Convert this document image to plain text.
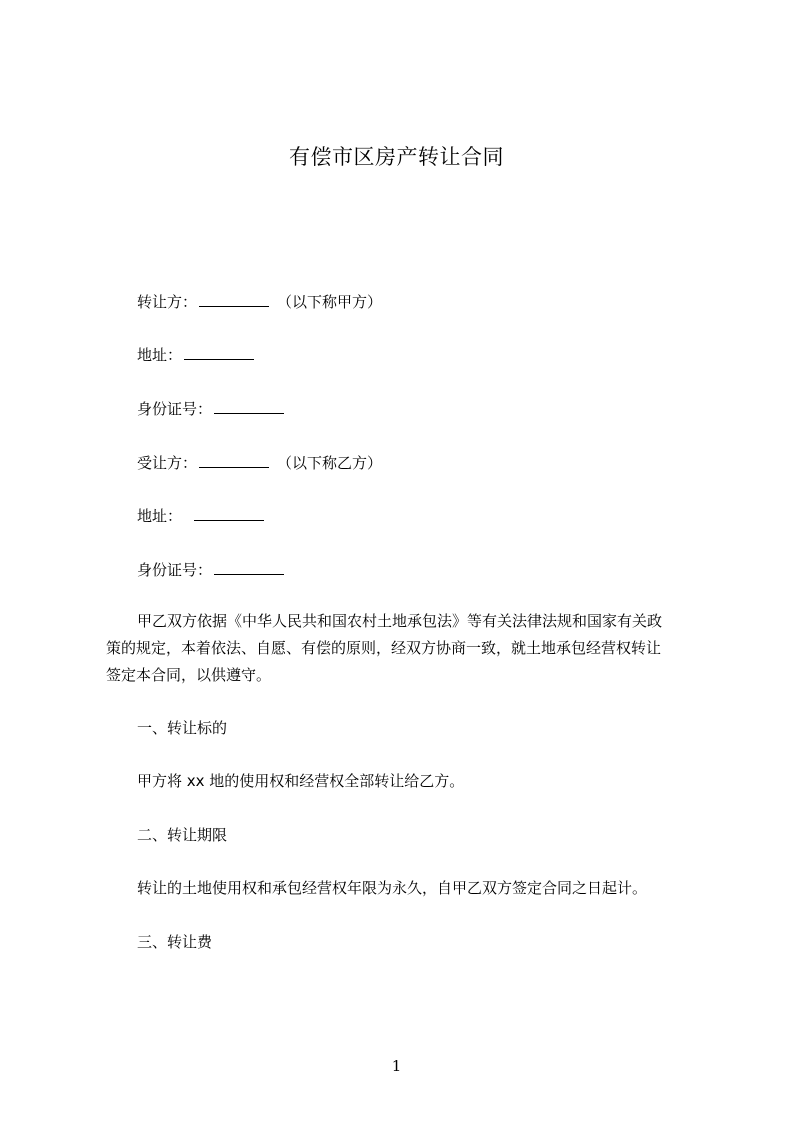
有偿市区房产转让合同
转让方：	（以下称甲方）
地址：
身份证号：
受让方：	（以下称乙方）
地址：
身份证号：
甲乙双方依据《中华人民共和国农村土地承包法》等有关法律法规和国家有关政
策的规定，本着依法、自愿、有偿的原则，经双方协商一致，就土地承包经营权转让
签定本合同，以供遵守。
一、转让标的
甲方将 xx 地的使用权和经营权全部转让给乙方。
二、转让期限
转让的土地使用权和承包经营权年限为永久，自甲乙双方签定合同之日起计。
三、转让费
1
